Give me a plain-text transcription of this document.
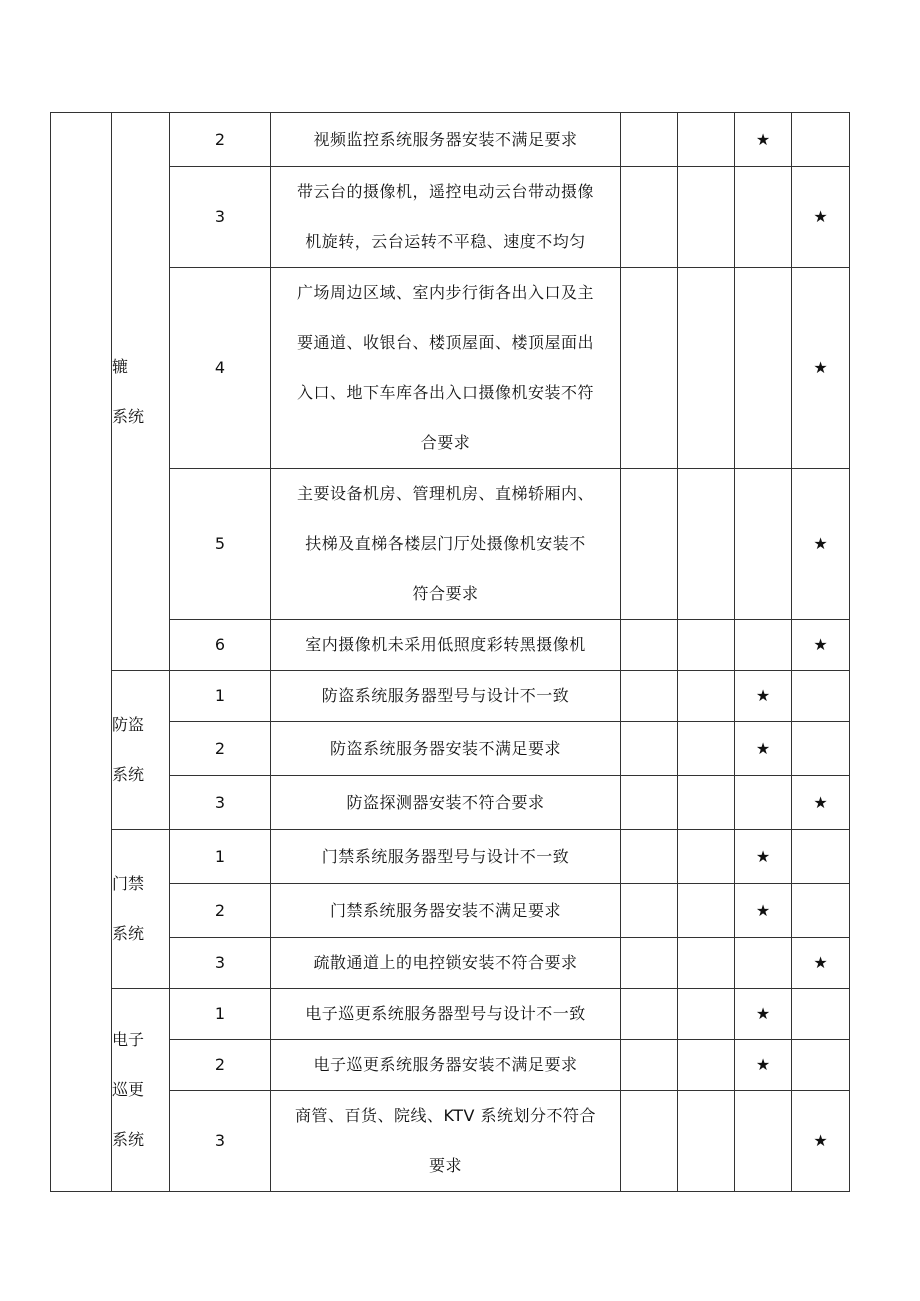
	辘
系统	2	视频监控系统服务器安装不满足要求			★	
		3	带云台的摄像机，遥控电动云台带动摄像
机旋转，云台运转不平稳、速度不均匀				★
		4	广场周边区域、室内步行街各出入口及主
要通道、收银台、楼顶屋面、楼顶屋面出
入口、地下车库各出入口摄像机安装不符
合要求				★
		5	主要设备机房、管理机房、直梯轿厢内、
扶梯及直梯各楼层门厅处摄像机安装不
符合要求				★
		6	室内摄像机未采用低照度彩转黑摄像机				★

	防盗
系统	1	防盗系统服务器型号与设计不一致			★	
		2	防盗系统服务器安装不满足要求			★	
		3	防盗探测器安装不符合要求				★

	门禁
系统	1	门禁系统服务器型号与设计不一致			★	
		2	门禁系统服务器安装不满足要求			★	
		3	疏散通道上的电控锁安装不符合要求				★

	电子
巡更
系统	1	电子巡更系统服务器型号与设计不一致			★	
		2	电子巡更系统服务器安装不满足要求			★	
		3	商管、百货、院线、KTV 系统划分不符合
要求				★
